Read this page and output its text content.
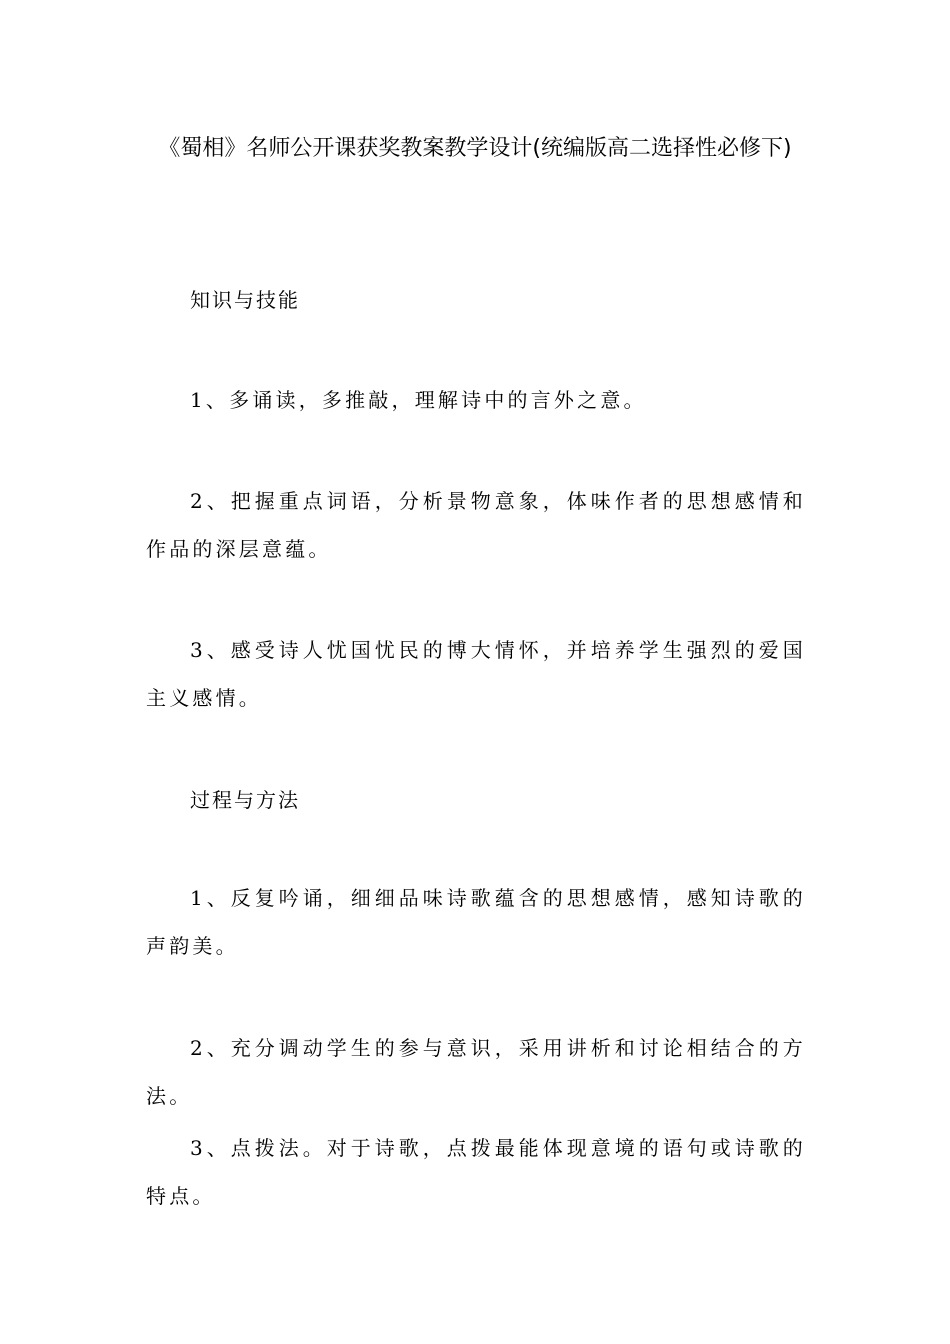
《蜀相》名师公开课获奖教案教学设计(统编版高二选择性必修下)

知识与技能

1、多诵读，多推敲，理解诗中的言外之意。

2、把握重点词语，分析景物意象，体味作者的思想感情和作品的深层意蕴。

3、感受诗人忧国忧民的博大情怀，并培养学生强烈的爱国主义感情。

过程与方法

1、反复吟诵，细细品味诗歌蕴含的思想感情，感知诗歌的声韵美。

2、充分调动学生的参与意识，采用讲析和讨论相结合的方法。

3、点拨法。对于诗歌，点拨最能体现意境的语句或诗歌的特点。
